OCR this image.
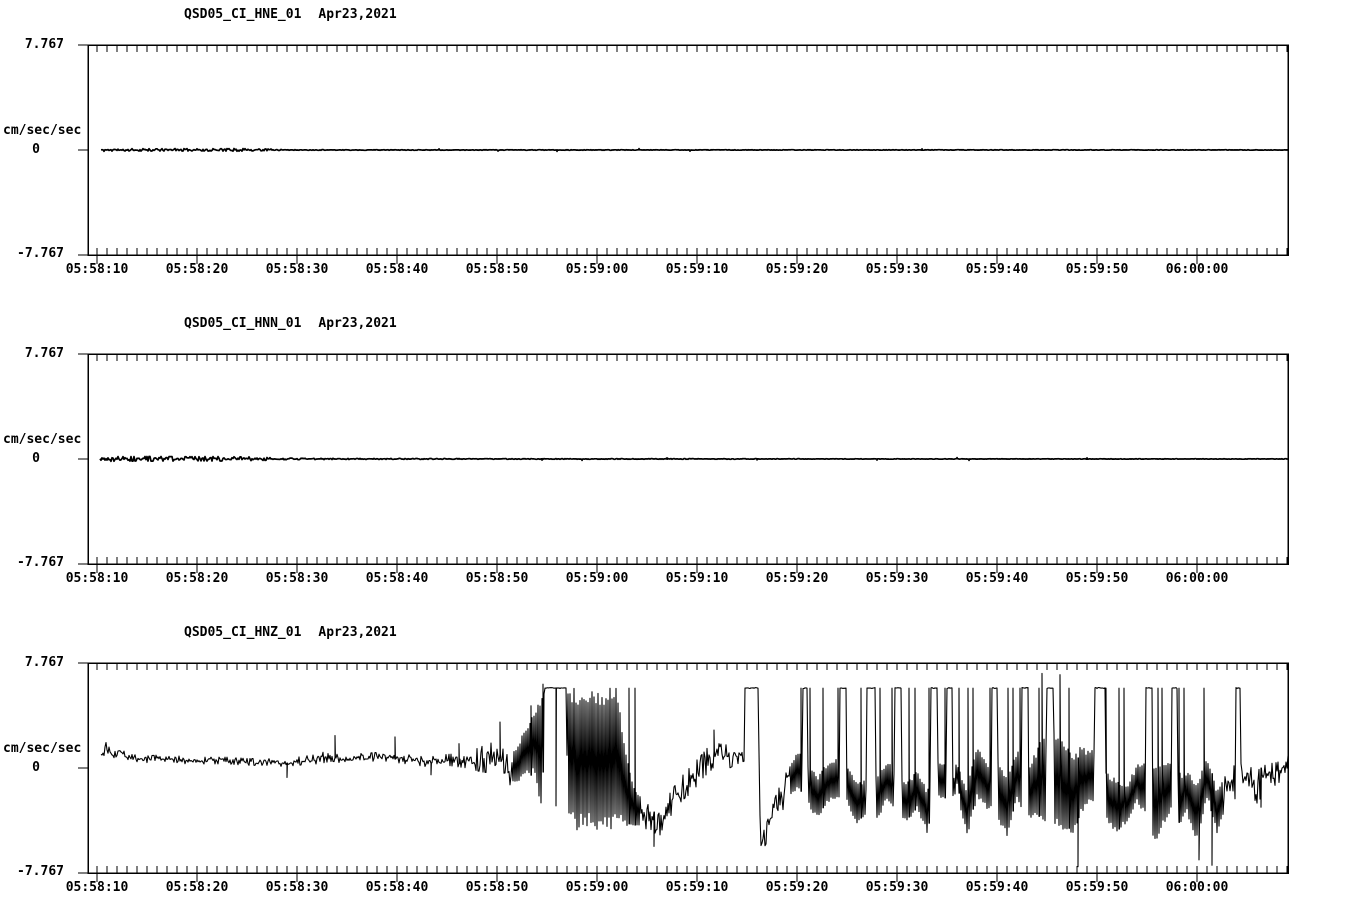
QSD05_CI_HNE_01 Apr23,2021
7.767
cm/sec/sec
0
-7.767
05:58:10	05:58:20	05:58:30	05:58:40	05:58:50	05:59:00	05:59:10	05:59:20	05:59:30	05:59:40	05:59:50	06:00:00
QSD05_CI_HNN_01 Apr23,2021
7.767
cm/sec/sec
0
-7.767
05:58:10	05:58:20	05:58:30	05:58:40	05:58:50	05:59:00	05:59:10	05:59:20	05:59:30	05:59:40	05:59:50	06:00:00
QSD05_CI_HNZ_01 Apr23,2021
7.767
cm/sec/sec
0
-7.767
05:58:10	05:58:20	05:58:30	05:58:40	05:58:50	05:59:00	05:59:10	05:59:20	05:59:30	05:59:40	05:59:50	06:00:00
